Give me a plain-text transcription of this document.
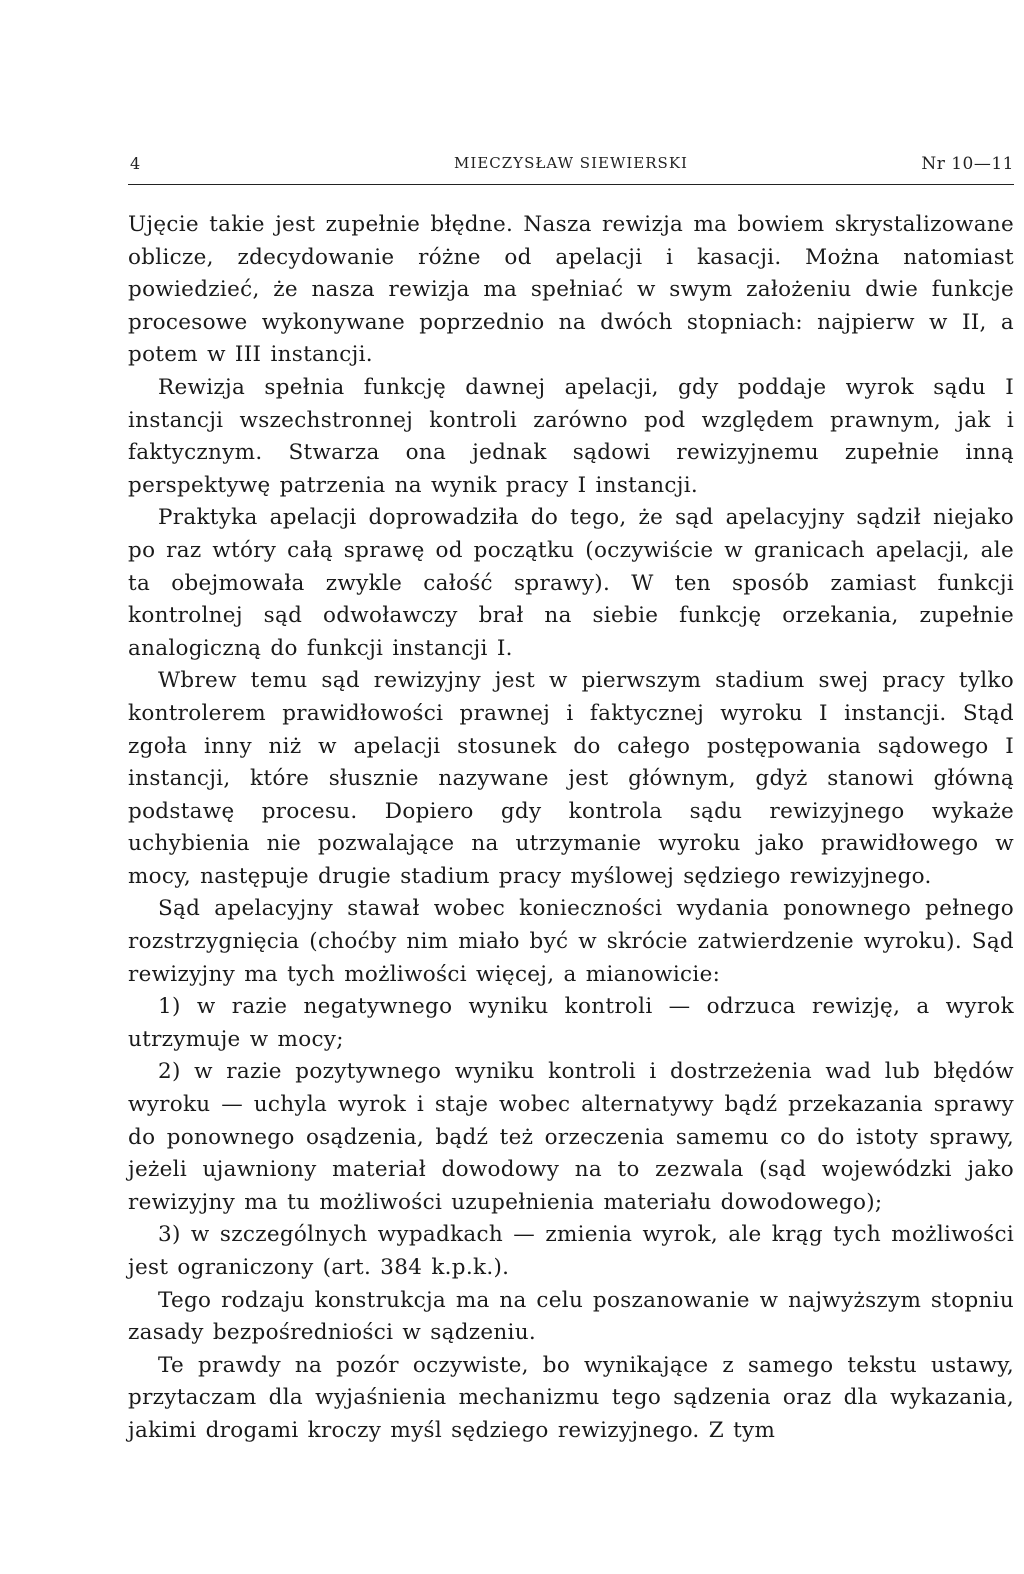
4	MIECZYSŁAW SIEWIERSKI	Nr 10—11

Ujęcie takie jest zupełnie błędne. Nasza rewizja ma bowiem skrystalizowane oblicze, zdecydowanie różne od apelacji i kasacji. Można natomiast powiedzieć, że nasza rewizja ma spełniać w swym założeniu dwie funkcje procesowe wykonywane poprzednio na dwóch stopniach: najpierw w II, a potem w III instancji.

Rewizja spełnia funkcję dawnej apelacji, gdy poddaje wyrok sądu I instancji wszechstronnej kontroli zarówno pod względem prawnym, jak i faktycznym. Stwarza ona jednak sądowi rewizyjnemu zupełnie inną perspektywę patrzenia na wynik pracy I instancji.

Praktyka apelacji doprowadziła do tego, że sąd apelacyjny sądził niejako po raz wtóry całą sprawę od początku (oczywiście w granicach apelacji, ale ta obejmowała zwykle całość sprawy). W ten sposób zamiast funkcji kontrolnej sąd odwoławczy brał na siebie funkcję orzekania, zupełnie analogiczną do funkcji instancji I.

Wbrew temu sąd rewizyjny jest w pierwszym stadium swej pracy tylko kontrolerem prawidłowości prawnej i faktycznej wyroku I instancji. Stąd zgoła inny niż w apelacji stosunek do całego postępowania sądowego I instancji, które słusznie nazywane jest głównym, gdyż stanowi główną podstawę procesu. Dopiero gdy kontrola sądu rewizyjnego wykaże uchybienia nie pozwalające na utrzymanie wyroku jako prawidłowego w mocy, następuje drugie stadium pracy myślowej sędziego rewizyjnego.

Sąd apelacyjny stawał wobec konieczności wydania ponownego pełnego rozstrzygnięcia (choćby nim miało być w skrócie zatwierdzenie wyroku). Sąd rewizyjny ma tych możliwości więcej, a mianowicie:

1) w razie negatywnego wyniku kontroli — odrzuca rewizję, a wyrok utrzymuje w mocy;

2) w razie pozytywnego wyniku kontroli i dostrzeżenia wad lub błędów wyroku — uchyla wyrok i staje wobec alternatywy bądź przekazania sprawy do ponownego osądzenia, bądź też orzeczenia samemu co do istoty sprawy, jeżeli ujawniony materiał dowodowy na to zezwala (sąd wojewódzki jako rewizyjny ma tu możliwości uzupełnienia materiału dowodowego);

3) w szczególnych wypadkach — zmienia wyrok, ale krąg tych możliwości jest ograniczony (art. 384 k.p.k.).

Tego rodzaju konstrukcja ma na celu poszanowanie w najwyższym stopniu zasady bezpośredniości w sądzeniu.

Te prawdy na pozór oczywiste, bo wynikające z samego tekstu ustawy, przytaczam dla wyjaśnienia mechanizmu tego sądzenia oraz dla wykazania, jakimi drogami kroczy myśl sędziego rewizyjnego. Z tym
